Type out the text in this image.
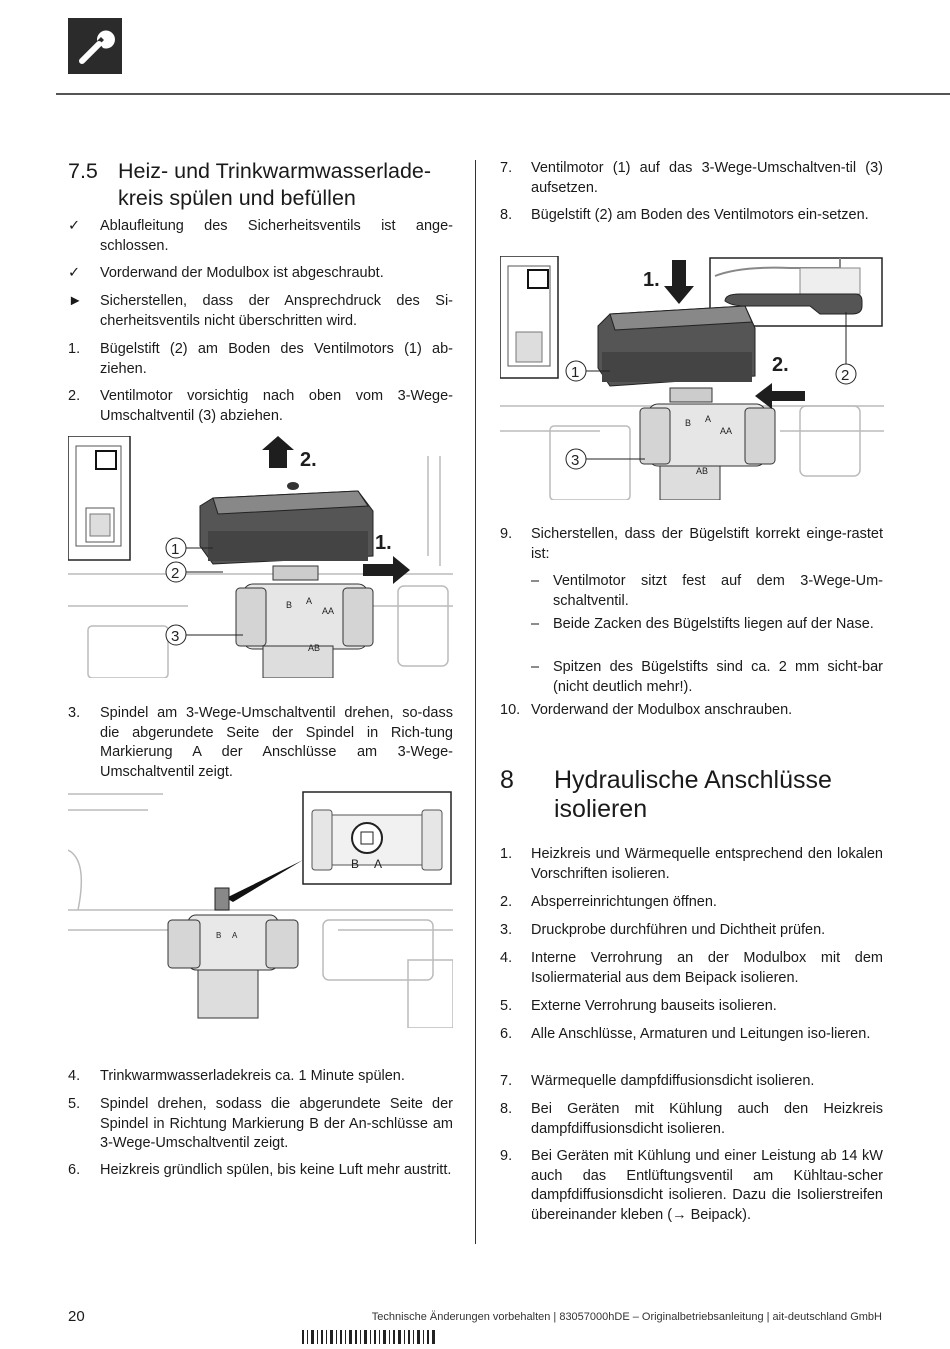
7.5 Heiz- und Trinkwarmwasserlade-kreis spülen und befüllen
✓ Ablaufleitung des Sicherheitsventils ist ange-schlossen.
✓ Vorderwand der Modulbox ist abgeschraubt.
► Sicherstellen, dass der Ansprechdruck des Si-cherheitsventils nicht überschritten wird.
1. Bügelstift (2) am Boden des Ventilmotors (1) ab-ziehen.
2. Ventilmotor vorsichtig nach oben vom 3-Wege-Umschaltventil (3) abziehen.
B A
AA
AB
2.
1.
1
2
3
3. Spindel am 3-Wege-Umschaltventil drehen, so-dass die abgerundete Seite der Spindel in Rich-tung Markierung A der Anschlüsse am 3-Wege-Umschaltventil zeigt.
B A
B A
4. Trinkwarmwasserladekreis ca. 1 Minute spülen.
5. Spindel drehen, sodass die abgerundete Seite der Spindel in Richtung Markierung B der An-schlüsse am 3-Wege-Umschaltventil zeigt.
6. Heizkreis gründlich spülen, bis keine Luft mehr austritt.
7. Ventilmotor (1) auf das 3-Wege-Umschaltven-til (3) aufsetzen.
8. Bügelstift (2) am Boden des Ventilmotors ein-setzen.
B A
AA
AB
1.
2.
1	2
3
9. Sicherstellen, dass der Bügelstift korrekt einge-rastet ist:
– Ventilmotor sitzt fest auf dem 3-Wege-Um-schaltventil.
– Beide Zacken des Bügelstifts liegen auf der Nase.
– Spitzen des Bügelstifts sind ca. 2 mm sicht-bar (nicht deutlich mehr!).
10. Vorderwand der Modulbox anschrauben.
8 Hydraulische Anschlüsse isolieren
1. Heizkreis und Wärmequelle entsprechend den lokalen Vorschriften isolieren.
2. Absperreinrichtungen öffnen.
3. Druckprobe durchführen und Dichtheit prüfen.
4. Interne Verrohrung an der Modulbox mit dem Isoliermaterial aus dem Beipack isolieren.
5. Externe Verrohrung bauseits isolieren.
6. Alle Anschlüsse, Armaturen und Leitungen iso-lieren.
7. Wärmequelle dampfdiffusionsdicht isolieren.
8. Bei Geräten mit Kühlung auch den Heizkreis dampfdiffusionsdicht isolieren.
9. Bei Geräten mit Kühlung und einer Leistung ab 14 kW auch das Entlüftungsventil am Kühltau-scher dampfdiffusionsdicht isolieren. Dazu die Isolierstreifen übereinander kleben (→ Beipack).
20	Technische Änderungen vorbehalten | 83057000hDE – Originalbetriebsanleitung | ait-deutschland GmbH
